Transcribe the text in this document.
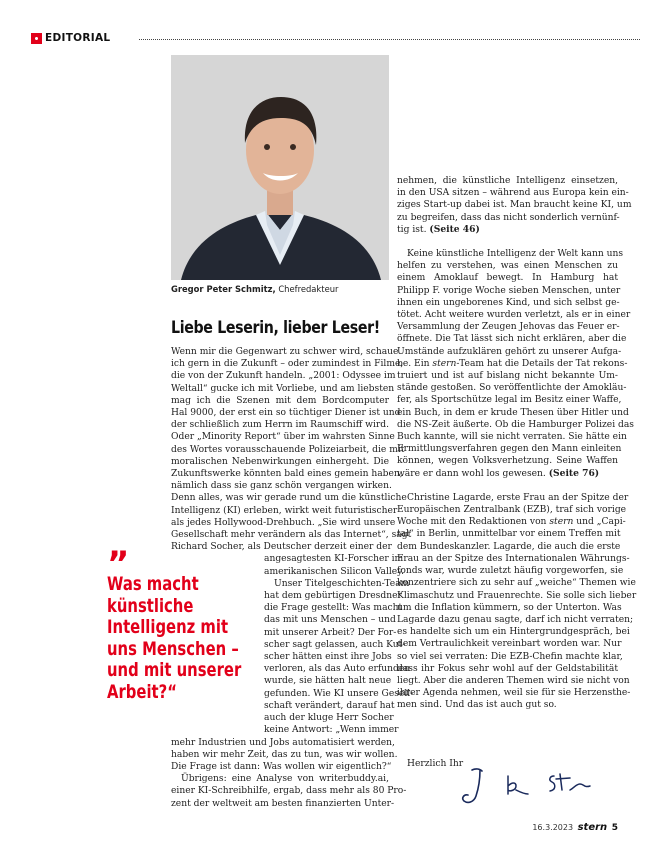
EDITORIAL
Gregor Peter Schmitz, Chefredakteur
Liebe Leserin, lieber Leser!

Wenn mir die Gegenwart zu schwer wird, schaue

ich gern in die Zukunft – oder zumindest in Filme,

die von der Zukunft handeln. „2001: Odyssee im

Weltall“ gucke ich mit Vorliebe, und am liebsten

mag ich die Szenen mit dem Bordcomputer

Hal 9000, der erst ein so tüchtiger Diener ist und

der schließlich zum Herrn im Raumschiff wird.

Oder „Minority Report“ über im wahrsten Sinne

des Wortes vorausschauende Polizeiarbeit, die mit

moralischen Nebenwirkungen einhergeht. Die

Zukunftswerke könnten bald eines gemein haben,

nämlich dass sie ganz schön vergangen wirken.

Denn alles, was wir gerade rund um die künstliche

Intelligenz (KI) erleben, wirkt weit futuristischer

als jedes Hollywood-Drehbuch. „Sie wird unsere

Gesellschaft mehr verändern als das Internet“, sagt

Richard Socher, als Deutscher derzeit einer der

angesagtesten KI-Forscher im

amerikanischen Silicon Valley.

Unser Titelgeschichten-Team

hat dem gebürtigen Dresdner

die Frage gestellt: Was macht

das mit uns Menschen – und

mit unserer Arbeit? Der For-

scher sagt gelassen, auch Kut-

scher hätten einst ihre Jobs

verloren, als das Auto erfunden

wurde, sie hätten halt neue

gefunden. Wie KI unsere Gesell-

schaft verändert, darauf hat

auch der kluge Herr Socher

keine Antwort: „Wenn immer

mehr Industrien und Jobs automatisiert werden,

haben wir mehr Zeit, das zu tun, was wir wollen.

Die Frage ist dann: Was wollen wir eigentlich?“

Übrigens: eine Analyse von writerbuddy.ai,

einer KI-Schreibhilfe, ergab, dass mehr als 80 Pro-

zent der weltweit am besten finanzierten Unter-

”
Was macht
künstliche
Intelligenz mit
uns Menschen –
und mit unserer
Arbeit?“

nehmen, die künstliche Intelligenz einsetzen,

in den USA sitzen – während aus Europa kein ein-

ziges Start-up dabei ist. Man braucht keine KI, um

zu begreifen, dass das nicht sonderlich vernünf-

tig ist. (Seite 46)

Keine künstliche Intelligenz der Welt kann uns

helfen zu verstehen, was einen Menschen zu

einem Amoklauf bewegt. In Hamburg hat

Philipp F. vorige Woche sieben Menschen, unter

ihnen ein ungeborenes Kind, und sich selbst ge-

tötet. Acht weitere wurden verletzt, als er in einer

Versammlung der Zeugen Jehovas das Feuer er-

öffnete. Die Tat lässt sich nicht erklären, aber die

Umstände aufzuklären gehört zu unserer Aufga-

be. Ein stern-Team hat die Details der Tat rekons-

truiert und ist auf bislang nicht bekannte Um-

stände gestoßen. So veröffentlichte der Amokläu-

fer, als Sportschütze legal im Besitz einer Waffe,

ein Buch, in dem er krude Thesen über Hitler und

die NS-Zeit äußerte. Ob die Hamburger Polizei das

Buch kannte, will sie nicht verraten. Sie hätte ein

Ermittlungsverfahren gegen den Mann einleiten

können, wegen Volksverhetzung. Seine Waffen

wäre er dann wohl los gewesen. (Seite 76)

Christine Lagarde, erste Frau an der Spitze der

Europäischen Zentralbank (EZB), traf sich vorige

Woche mit den Redaktionen von stern und „Capi-

tal“ in Berlin, unmittelbar vor einem Treffen mit

dem Bundeskanzler. Lagarde, die auch die erste

Frau an der Spitze des Internationalen Währungs-

fonds war, wurde zuletzt häufig vorgeworfen, sie

konzentriere sich zu sehr auf „weiche“ Themen wie

Klimaschutz und Frauenrechte. Sie solle sich lieber

um die Inflation kümmern, so der Unterton. Was

Lagarde dazu genau sagte, darf ich nicht verraten;

es handelte sich um ein Hintergrundgespräch, bei

dem Vertraulichkeit vereinbart worden war. Nur

so viel sei verraten: Die EZB-Chefin machte klar,

dass ihr Fokus sehr wohl auf der Geldstabilität

liegt. Aber die anderen Themen wird sie nicht von

ihrer Agenda nehmen, weil sie für sie Herzensthe-

men sind. Und das ist auch gut so.

Herzlich Ihr
16.3.2023 stern 5
